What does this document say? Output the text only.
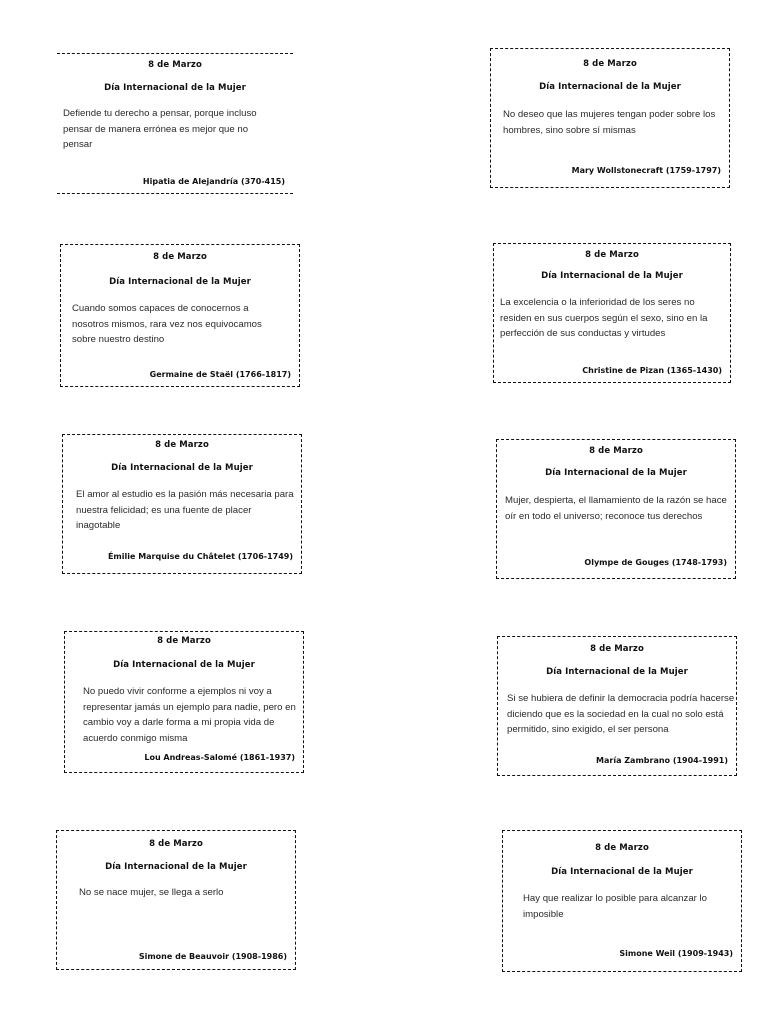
8 de Marzo
Día Internacional de la Mujer
Defiende tu derecho a pensar, porque incluso pensar de manera errónea es mejor que no pensar
Hipatia de Alejandría (370-415)
8 de Marzo
Día Internacional de la Mujer
No deseo que las mujeres tengan poder sobre los hombres, sino sobre sí mismas
Mary Wollstonecraft (1759-1797)
8 de Marzo
Día Internacional de la Mujer
Cuando somos capaces de conocernos a nosotros mismos, rara vez nos equivocamos sobre nuestro destino
Germaine de Staël (1766-1817)
8 de Marzo
Día Internacional de la Mujer
La excelencia o la inferioridad de los seres no residen en sus cuerpos según el sexo, sino en la perfección de sus conductas y virtudes
Christine de Pizan (1365-1430)
8 de Marzo
Día Internacional de la Mujer
El amor al estudio es la pasión más necesaria para nuestra felicidad; es una fuente de placer inagotable
Émilie Marquise du Châtelet (1706-1749)
8 de Marzo
Día Internacional de la Mujer
Mujer, despierta, el llamamiento de la razón se hace oír en todo el universo; reconoce tus derechos
Olympe de Gouges (1748-1793)
8 de Marzo
Día Internacional de la Mujer
No puedo vivir conforme a ejemplos ni voy a representar jamás un ejemplo para nadie, pero en cambio voy a darle forma a mi propia vida de acuerdo conmigo misma
Lou Andreas-Salomé (1861-1937)
8 de Marzo
Día Internacional de la Mujer
Si se hubiera de definir la democracia podría hacerse diciendo que es la sociedad en la cual no solo está permitido, sino exigido, el ser persona
María Zambrano (1904-1991)
8 de Marzo
Día Internacional de la Mujer
No se nace mujer, se llega a serlo
Simone de Beauvoir (1908-1986)
8 de Marzo
Día Internacional de la Mujer
Hay que realizar lo posible para alcanzar lo imposible
Simone Weil (1909-1943)
